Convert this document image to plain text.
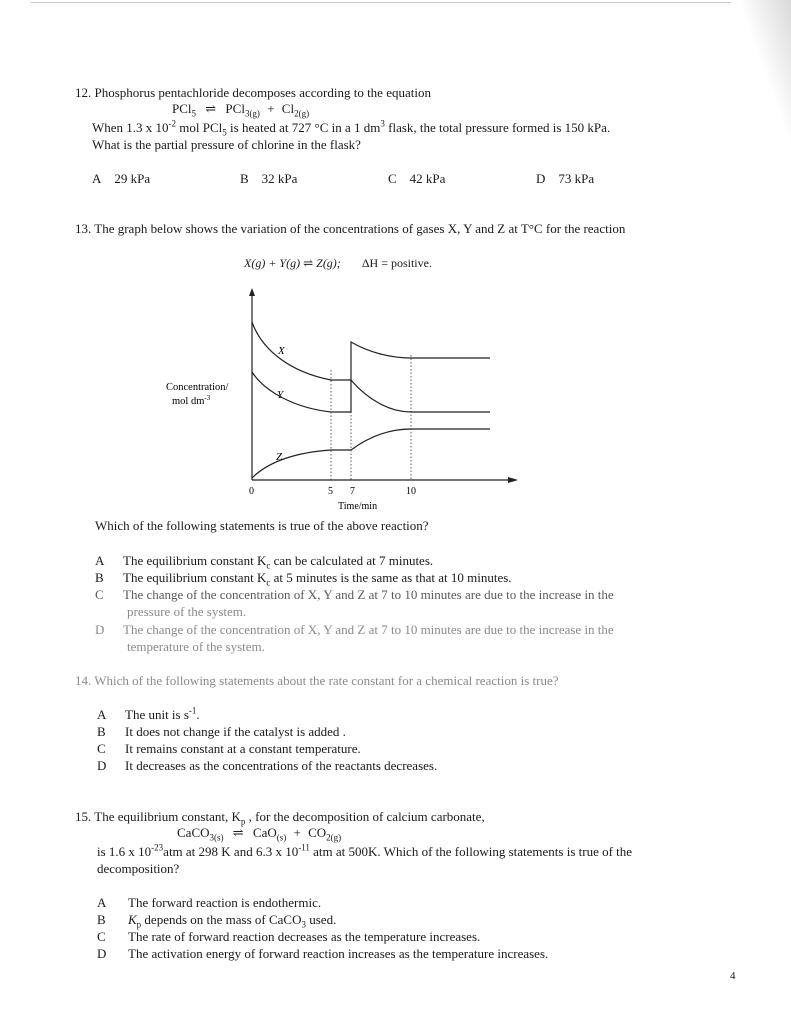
12. Phosphorus pentachloride decomposes according to the equation
PCl$_5$ ⇌ $PCl_{3(g)} + Cl_{2(g)}$
When 1.3 x $10^{-2}$ mol PCl$_5$ is heated at 727 °C in a 1 $dm^3$ flask, the total pressure formed is 150 kPa.
What is the partial pressure of chlorine in the flask?
A 29 kPa	B 32 kPa	C 42 kPa	D 73 kPa
13. The graph below shows the variation of the concentrations of gases X, Y and Z at T°C for the reaction
X(g) + Y(g) ⇌ Z(g); ΔH = positive.
X
Y
Z
Concentration/
mol $dm^{-3}$
0	5 7	10
Time/min
Which of the following statements is true of the above reaction?
A The equilibrium constant $K_c$ can be calculated at 7 minutes.
B The equilibrium constant $K_c$ at 5 minutes is the same as that at 10 minutes.
C The change of the concentration of X, Y and Z at 7 to 10 minutes are due to the increase in the
pressure of the system.
D The change of the concentration of X, Y and Z at 7 to 10 minutes are due to the increase in the
temperature of the system.
14. Which of the following statements about the rate constant for a chemical reaction is true?
A The unit is $s^{-1}$.
B It does not change if the catalyst is added .
C It remains constant at a constant temperature.
D It decreases as the concentrations of the reactants decreases.
15. The equilibrium constant, $K_p$ , for the decomposition of calcium carbonate,
CaCO$_{3(s)}$ ⇌ $CaO_{(s)} + CO_{2(g)}$
is 1.6 x $10^{-23}atm$ at 298 K and 6.3 x $10^{-11}$ atm at 500K. Which of the following statements is true of the
decomposition?
A The forward reaction is endothermic.
B $K_p$ depends on the mass of CaCO$_3$ used.
C The rate of forward reaction decreases as the temperature increases.
D The activation energy of forward reaction increases as the temperature increases.
4
